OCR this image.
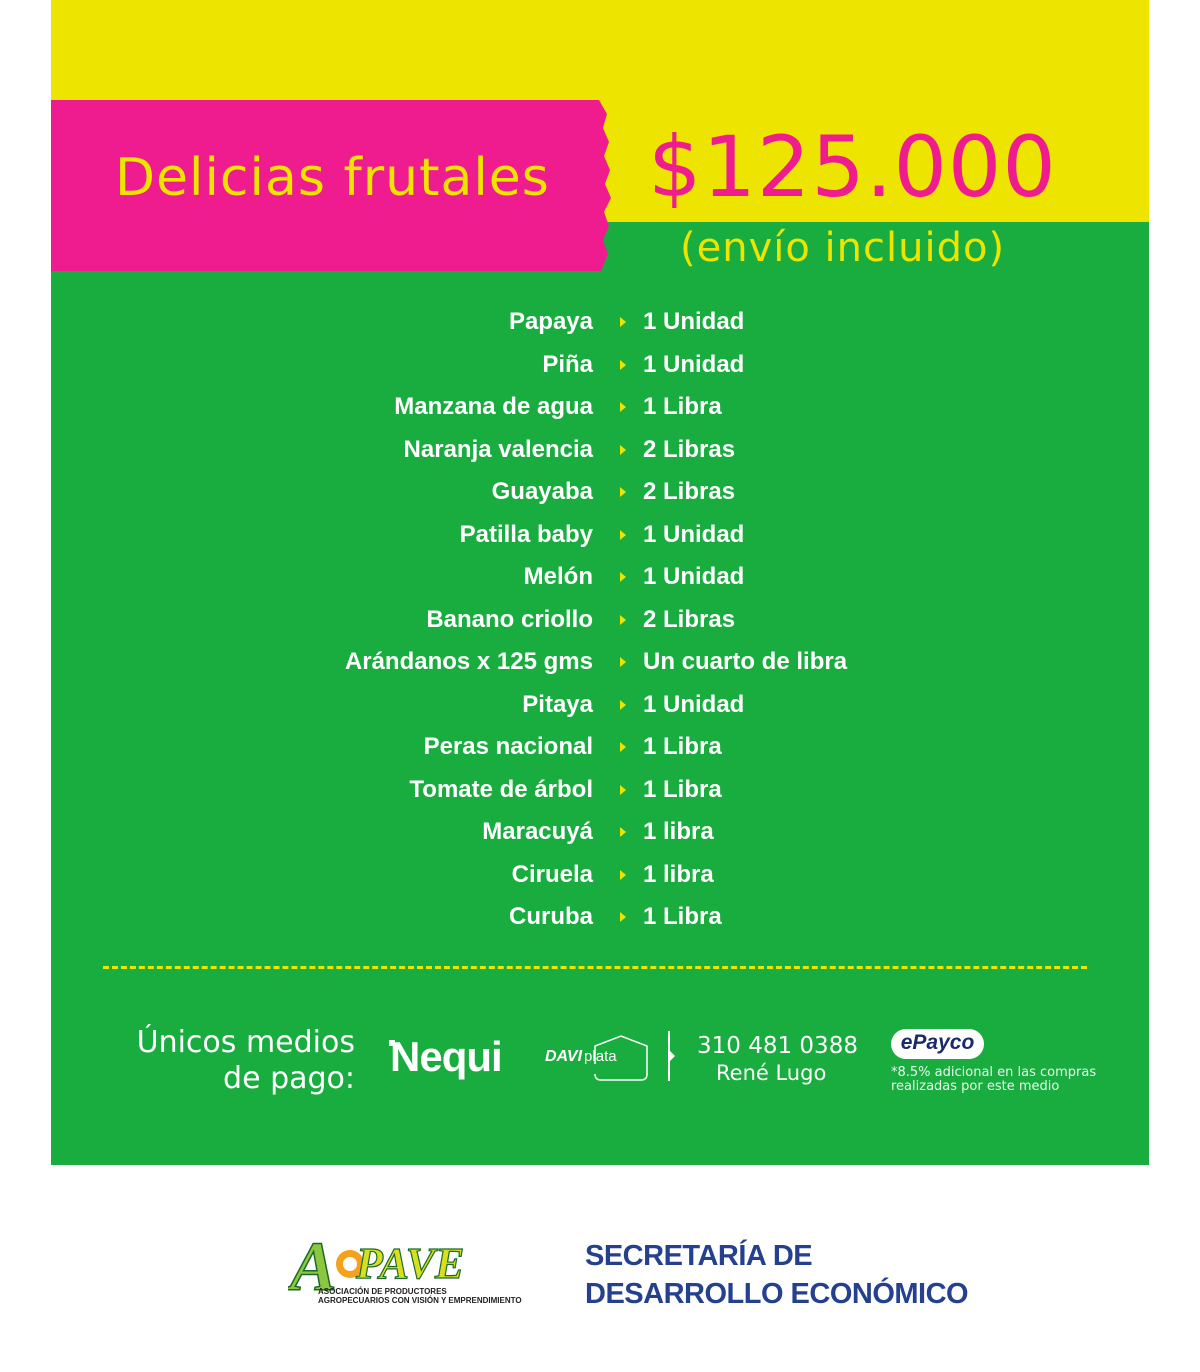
Delicias frutales $125.000
(envío incluido)
Papaya 1 Unidad
Piña 1 Unidad
Manzana de agua 1 Libra
Naranja valencia 2 Libras
Guayaba 2 Libras
Patilla baby 1 Unidad
Melón 1 Unidad
Banano criollo 2 Libras
Arándanos x 125 gms Un cuarto de libra
Pitaya 1 Unidad
Peras nacional 1 Libra
Tomate de árbol 1 Libra
Maracuyá 1 libra
Ciruela 1 libra
Curuba 1 Libra
Únicos medios
de pago: Nequi	DAVI plata	310 481 0388
René Lugo
ePayco
*8.5% adicional en las compras realizadas por este medio
A PAVE
ASOCIACIÓN DE PRODUCTORES
AGROPECUARIOS CON VISIÓN Y EMPRENDIMIENTO
SECRETARÍA DE
DESARROLLO ECONÓMICO
